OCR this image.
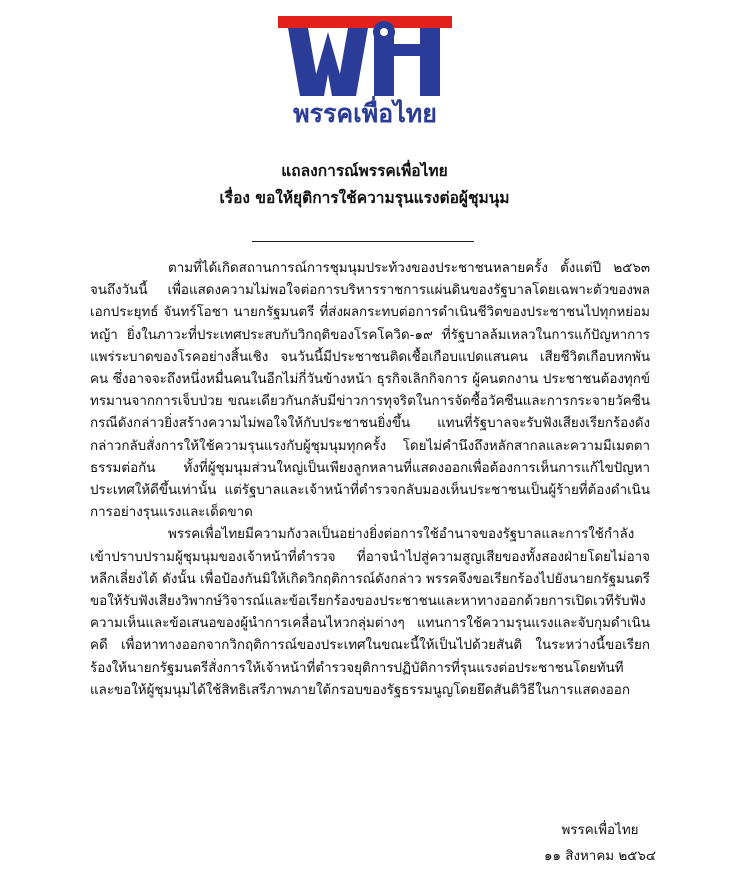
พรรคเพื่อไทย
แถลงการณ์พรรคเพื่อไทย
เรื่อง ขอให้ยุติการใช้ความรุนแรงต่อผู้ชุมนุม

ตามที่ได้เกิดสถานการณ์การชุมนุมประท้วงของประชาชนหลายครั้ง ตั้งแต่ปี ๒๕๖๓ จนถึงวันนี้ เพื่อแสดงความไม่พอใจต่อการบริหารราชการแผ่นดินของรัฐบาลโดยเฉพาะตัวของพลเอกประยุทธ์ จันทร์โอชา นายกรัฐมนตรี ที่ส่งผลกระทบต่อการดำเนินชีวิตของประชาชนไปทุกหย่อมหญ้า ยิ่งในภาวะที่ประเทศประสบกับวิกฤติของโรคโควิด-๑๙ ที่รัฐบาลล้มเหลวในการแก้ปัญหาการแพร่ระบาดของโรคอย่างสิ้นเชิง จนวันนี้มีประชาชนติดเชื้อเกือบแปดแสนคน เสียชีวิตเกือบหกพันคน ซึ่งอาจจะถึงหนึ่งหมื่นคนในอีกไม่กี่วันข้างหน้า ธุรกิจเลิกกิจการ ผู้คนตกงาน ประชาชนต้องทุกข์ทรมานจากการเจ็บป่วย ขณะเดียวกันกลับมีข่าวการทุจริตในการจัดซื้อวัคซีนและการกระจายวัคซีน กรณีดังกล่าวยิ่งสร้างความไม่พอใจให้กับประชาชนยิ่งขึ้น แทนที่รัฐบาลจะรับฟังเสียงเรียกร้องดังกล่าวกลับสั่งการให้ใช้ความรุนแรงกับผู้ชุมนุมทุกครั้ง โดยไม่คำนึงถึงหลักสากลและความมีเมตตาธรรมต่อกัน ทั้งที่ผู้ชุมนุมส่วนใหญ่เป็นเพียงลูกหลานที่แสดงออกเพื่อต้องการเห็นการแก้ไขปัญหาประเทศให้ดีขึ้นเท่านั้น แต่รัฐบาลและเจ้าหน้าที่ตำรวจกลับมองเห็นประชาชนเป็นผู้ร้ายที่ต้องดำเนินการอย่างรุนแรงและเด็ดขาด

พรรคเพื่อไทยมีความกังวลเป็นอย่างยิ่งต่อการใช้อำนาจของรัฐบาลและการใช้กำลังเข้าปราบปรามผู้ชุมนุมของเจ้าหน้าที่ตำรวจ ที่อาจนำไปสู่ความสูญเสียของทั้งสองฝ่ายโดยไม่อาจหลีกเลี่ยงได้ ดังนั้น เพื่อป้องกันมิให้เกิดวิกฤติการณ์ดังกล่าว พรรคจึงขอเรียกร้องไปยังนายกรัฐมนตรี ขอให้รับฟังเสียงวิพากษ์วิจารณ์และข้อเรียกร้องของประชาชนและหาทางออกด้วยการเปิดเวทีรับฟังความเห็นและข้อเสนอของผู้นำการเคลื่อนไหวกลุ่มต่างๆ แทนการใช้ความรุนแรงและจับกุมดำเนินคดี เพื่อหาทางออกจากวิกฤติการณ์ของประเทศในขณะนี้ให้เป็นไปด้วยสันติ ในระหว่างนี้ขอเรียกร้องให้นายกรัฐมนตรีสั่งการให้เจ้าหน้าที่ตำรวจยุติการปฏิบัติการที่รุนแรงต่อประชาชนโดยทันที และขอให้ผู้ชุมนุมได้ใช้สิทธิเสรีภาพภายใต้กรอบของรัฐธรรมนูญโดยยึดสันติวิธีในการแสดงออก

พรรคเพื่อไทย
๑๑ สิงหาคม ๒๕๖๔
